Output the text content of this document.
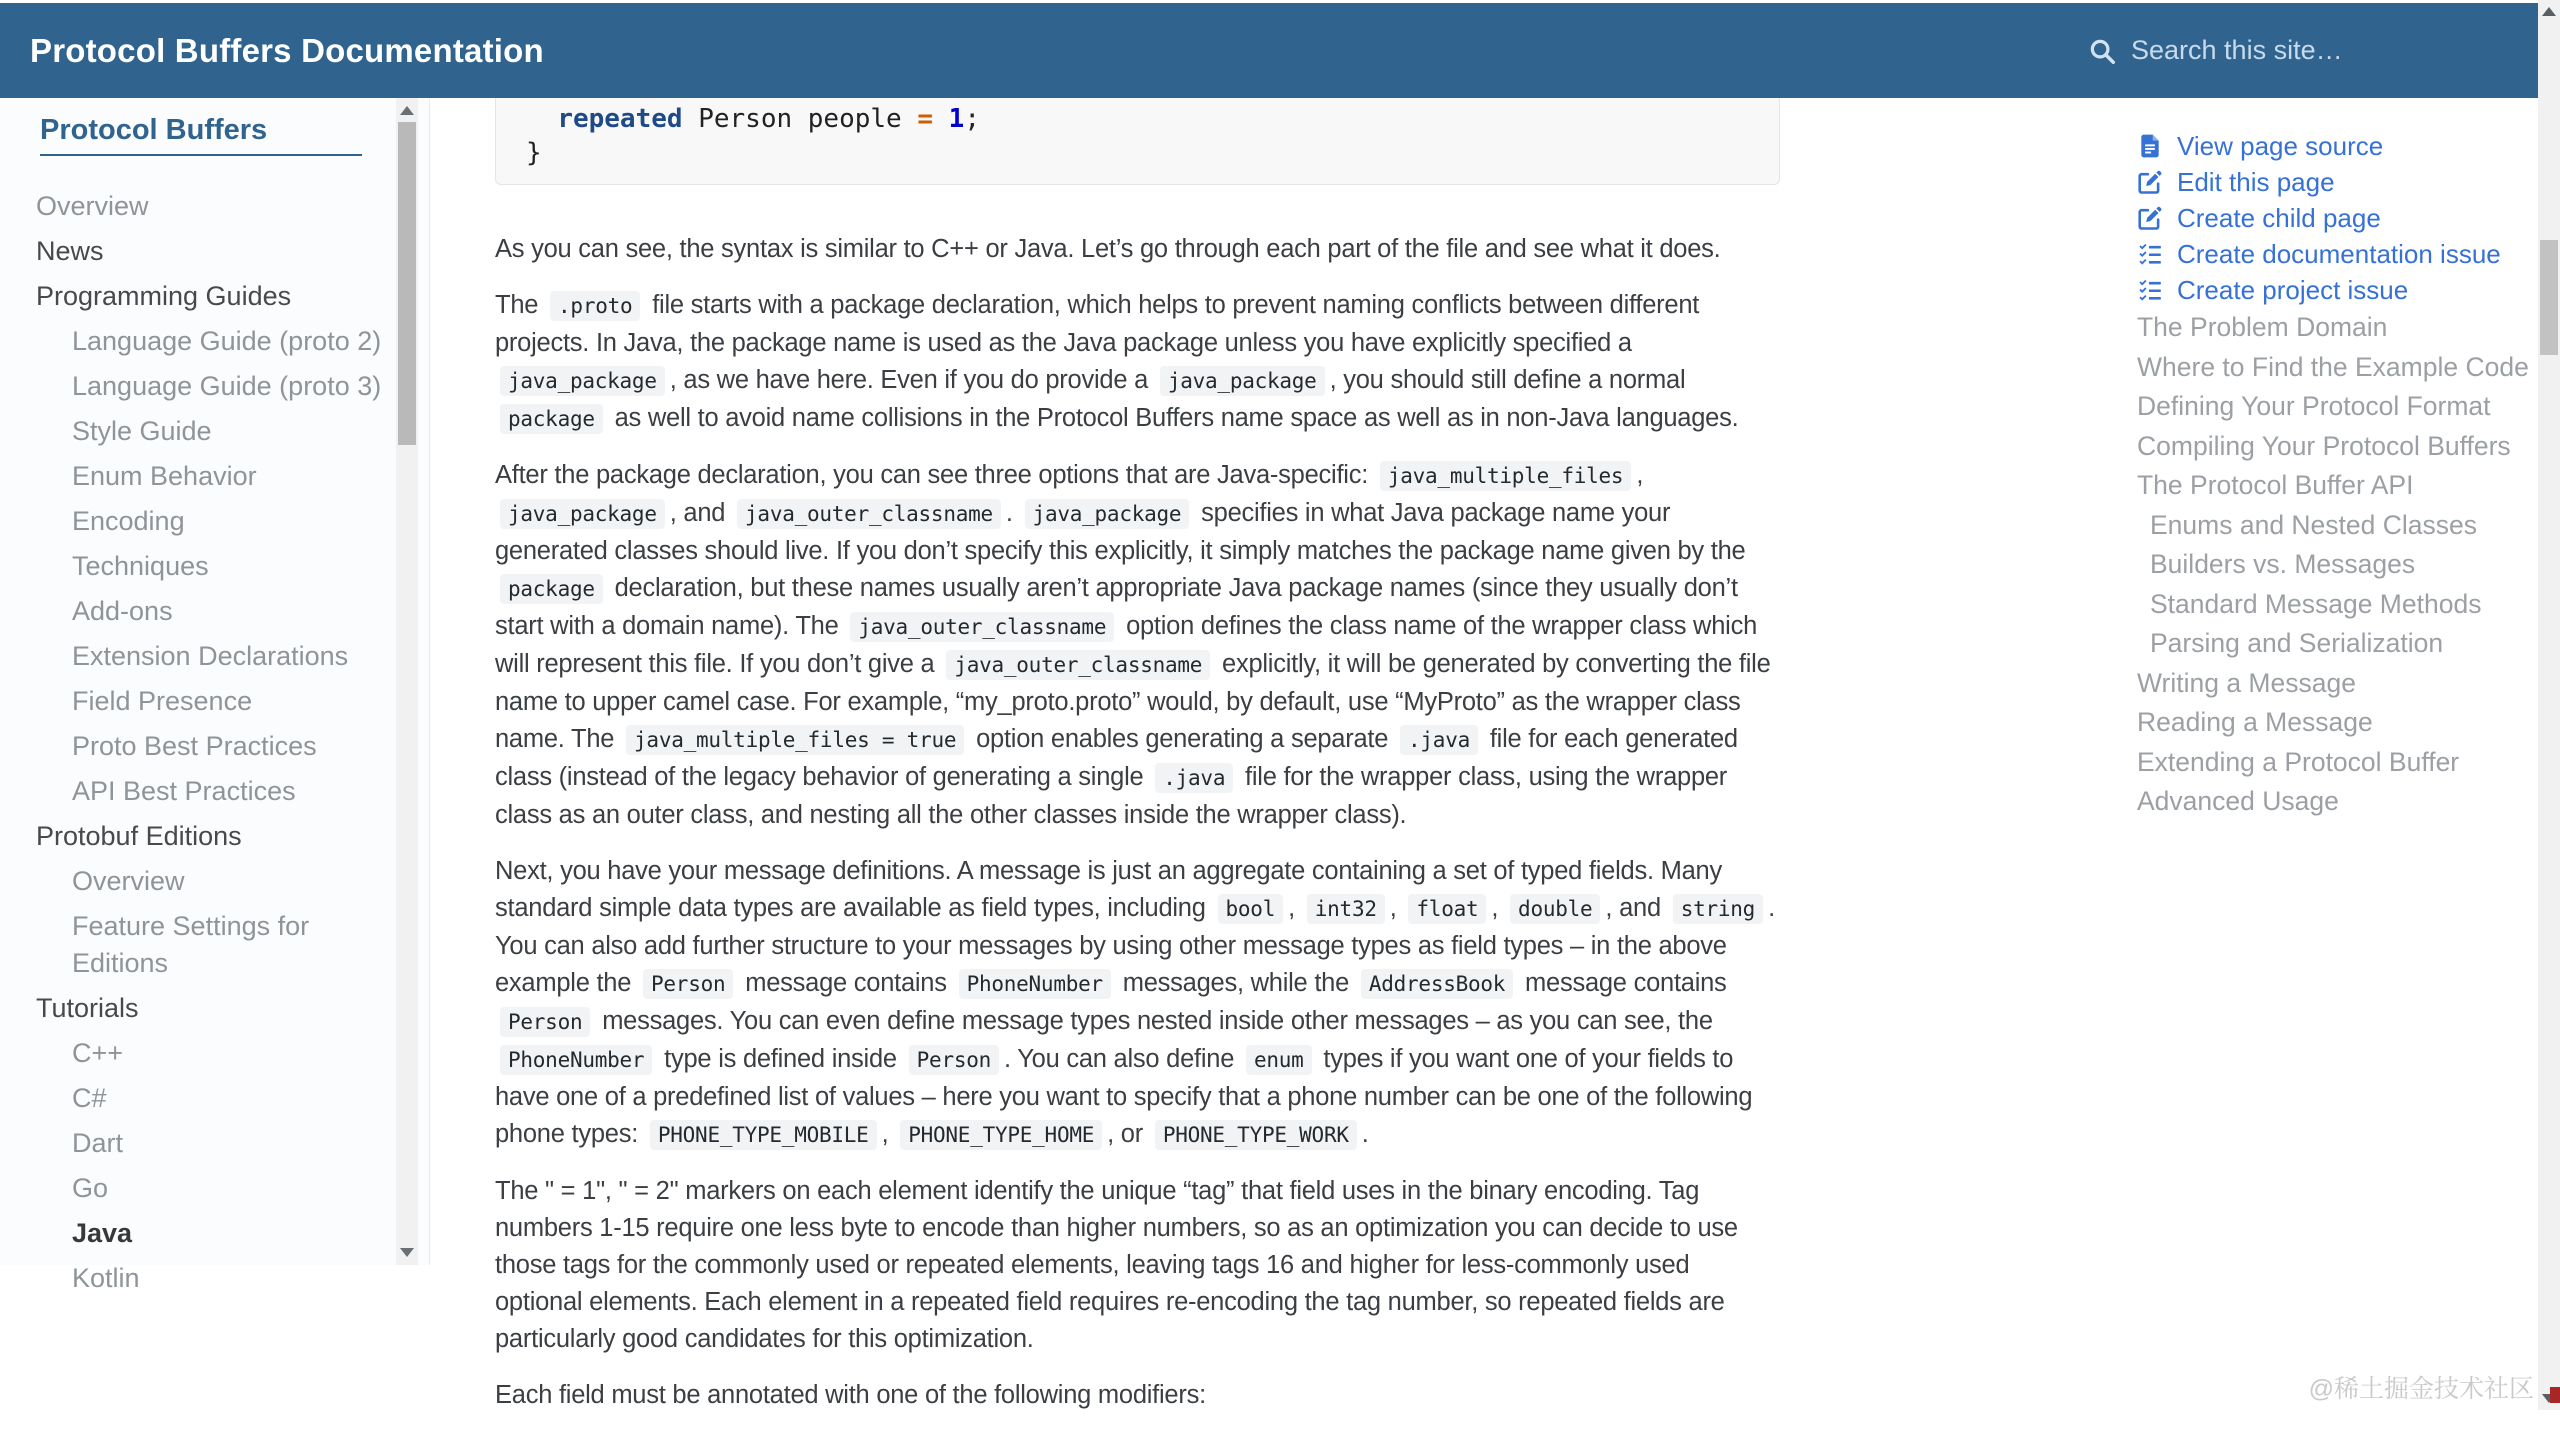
Protocol Buffers Documentation
Search this site…
Protocol Buffers
Overview
News
Programming Guides
Language Guide (proto 2)
Language Guide (proto 3)
Style Guide
Enum Behavior
Encoding
Techniques
Add-ons
Extension Declarations
Field Presence
Proto Best Practices
API Best Practices
Protobuf Editions
Overview
Feature Settings for Editions
Tutorials
C++
C#
Dart
Go
Java
Kotlin
repeated Person people = 1;
}

As you can see, the syntax is similar to C++ or Java. Let’s go through each part of the file and see what it does.

The .proto file starts with a package declaration, which helps to prevent naming conflicts between different projects. In Java, the package name is used as the Java package unless you have explicitly specified a java_package , as we have here. Even if you do provide a java_package , you should still define a normal package as well to avoid name collisions in the Protocol Buffers name space as well as in non-Java languages.

After the package declaration, you can see three options that are Java-specific: java_multiple_files , java_package , and java_outer_classname . java_package specifies in what Java package name your generated classes should live. If you don’t specify this explicitly, it simply matches the package name given by the package declaration, but these names usually aren’t appropriate Java package names (since they usually don’t start with a domain name). The java_outer_classname option defines the class name of the wrapper class which will represent this file. If you don’t give a java_outer_classname explicitly, it will be generated by converting the file name to upper camel case. For example, “my_proto.proto” would, by default, use “MyProto” as the wrapper class name. The java_multiple_files = true option enables generating a separate .java file for each generated class (instead of the legacy behavior of generating a single .java file for the wrapper class, using the wrapper class as an outer class, and nesting all the other classes inside the wrapper class).

Next, you have your message definitions. A message is just an aggregate containing a set of typed fields. Many standard simple data types are available as field types, including bool , int32 , float , double , and string . You can also add further structure to your messages by using other message types as field types – in the above example the Person message contains PhoneNumber messages, while the AddressBook message contains Person messages. You can even define message types nested inside other messages – as you can see, the PhoneNumber type is defined inside Person . You can also define enum types if you want one of your fields to have one of a predefined list of values – here you want to specify that a phone number can be one of the following phone types: PHONE_TYPE_MOBILE , PHONE_TYPE_HOME , or PHONE_TYPE_WORK .

The " = 1", " = 2" markers on each element identify the unique “tag” that field uses in the binary encoding. Tag numbers 1-15 require one less byte to encode than higher numbers, so as an optimization you can decide to use those tags for the commonly used or repeated elements, leaving tags 16 and higher for less-commonly used optional elements. Each element in a repeated field requires re-encoding the tag number, so repeated fields are particularly good candidates for this optimization.

Each field must be annotated with one of the following modifiers:

View page source
Edit this page
Create child page
Create documentation issue
Create project issue
The Problem Domain
Where to Find the Example Code
Defining Your Protocol Format
Compiling Your Protocol Buffers
The Protocol Buffer API
Enums and Nested Classes
Builders vs. Messages
Standard Message Methods
Parsing and Serialization
Writing a Message
Reading a Message
Extending a Protocol Buffer
Advanced Usage
@稀土掘金技术社区
